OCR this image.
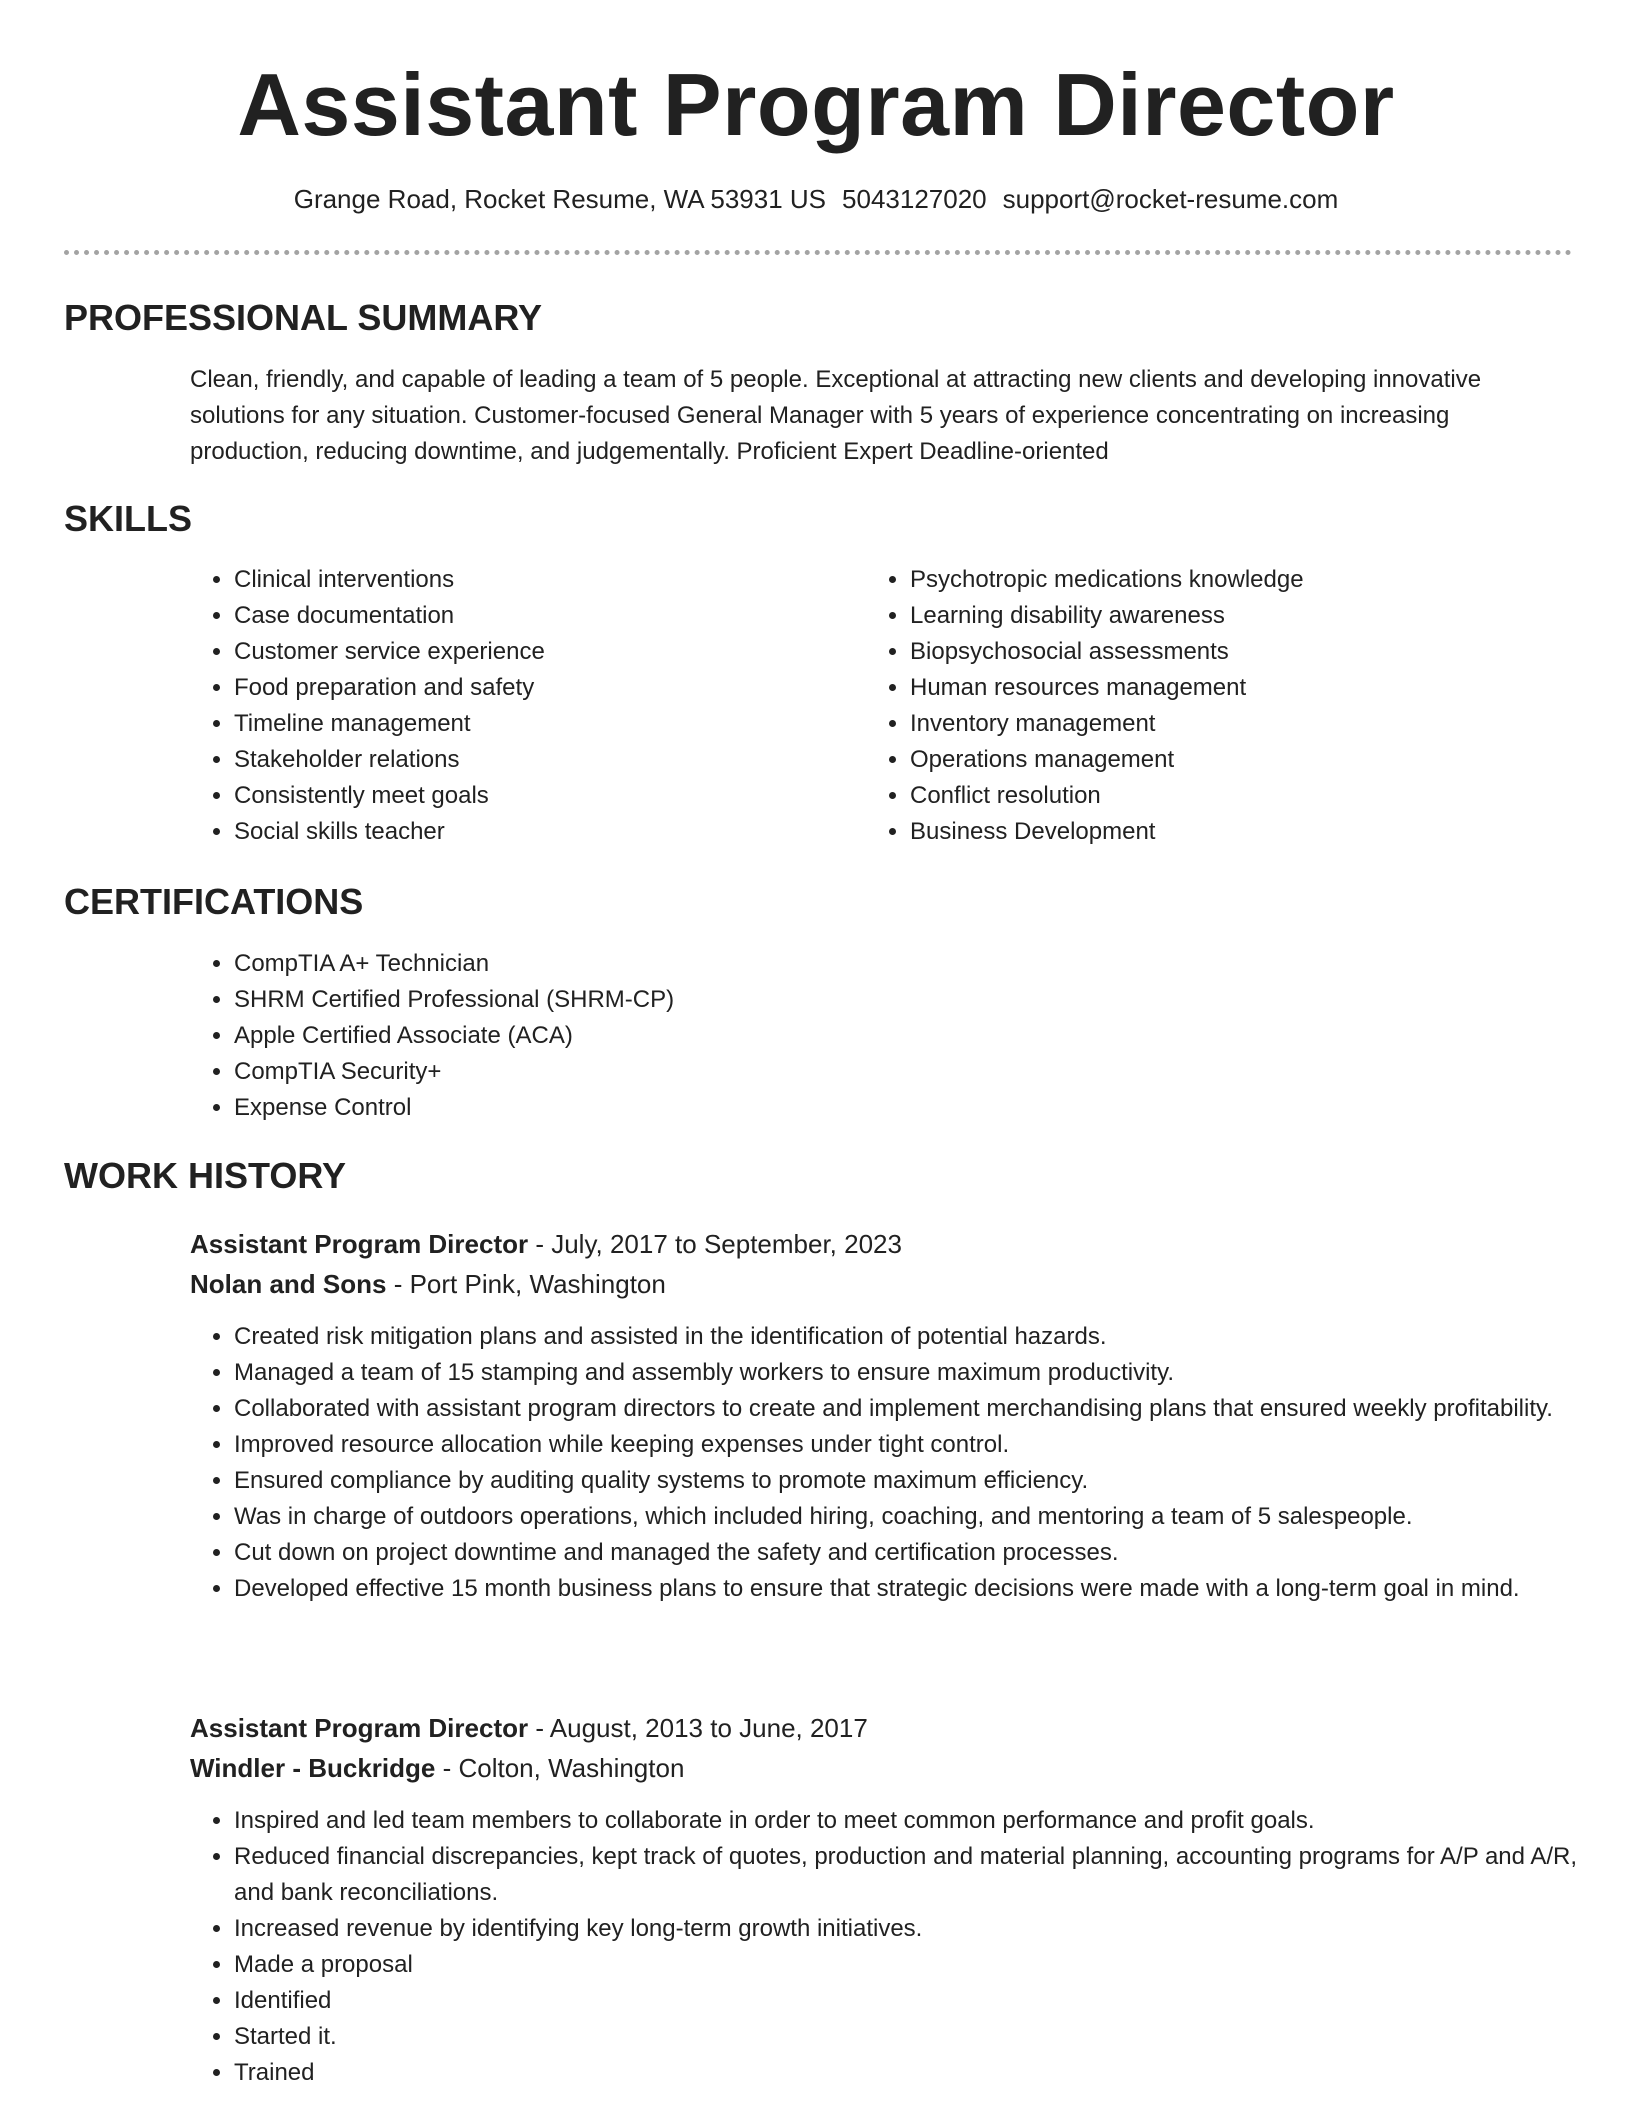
Assistant Program Director
Grange Road, Rocket Resume, WA 53931 US 5043127020 support@rocket-resume.com
PROFESSIONAL SUMMARY

Clean, friendly, and capable of leading a team of 5 people. Exceptional at attracting new clients and developing innovative solutions for any situation. Customer-focused General Manager with 5 years of experience concentrating on increasing production, reducing downtime, and judgementally. Proficient Expert Deadline-oriented

SKILLS
• Clinical interventions
• Case documentation
• Customer service experience
• Food preparation and safety
• Timeline management
• Stakeholder relations
• Consistently meet goals
• Social skills teacher
• Psychotropic medications knowledge
• Learning disability awareness
• Biopsychosocial assessments
• Human resources management
• Inventory management
• Operations management
• Conflict resolution
• Business Development
CERTIFICATIONS
• CompTIA A+ Technician
• SHRM Certified Professional (SHRM-CP)
• Apple Certified Associate (ACA)
• CompTIA Security+
• Expense Control
WORK HISTORY
Assistant Program Director - July, 2017 to September, 2023
Nolan and Sons - Port Pink, Washington
• Created risk mitigation plans and assisted in the identification of potential hazards.
• Managed a team of 15 stamping and assembly workers to ensure maximum productivity.
• Collaborated with assistant program directors to create and implement merchandising plans that ensured weekly profitability.
• Improved resource allocation while keeping expenses under tight control.
• Ensured compliance by auditing quality systems to promote maximum efficiency.
• Was in charge of outdoors operations, which included hiring, coaching, and mentoring a team of 5 salespeople.
• Cut down on project downtime and managed the safety and certification processes.
• Developed effective 15 month business plans to ensure that strategic decisions were made with a long-term goal in mind.
Assistant Program Director - August, 2013 to June, 2017
Windler - Buckridge - Colton, Washington
• Inspired and led team members to collaborate in order to meet common performance and profit goals.
• Reduced financial discrepancies, kept track of quotes, production and material planning, accounting programs for A/P and A/R, and bank reconciliations.
• Increased revenue by identifying key long-term growth initiatives.
• Made a proposal
• Identified
• Started it.
• Trained
